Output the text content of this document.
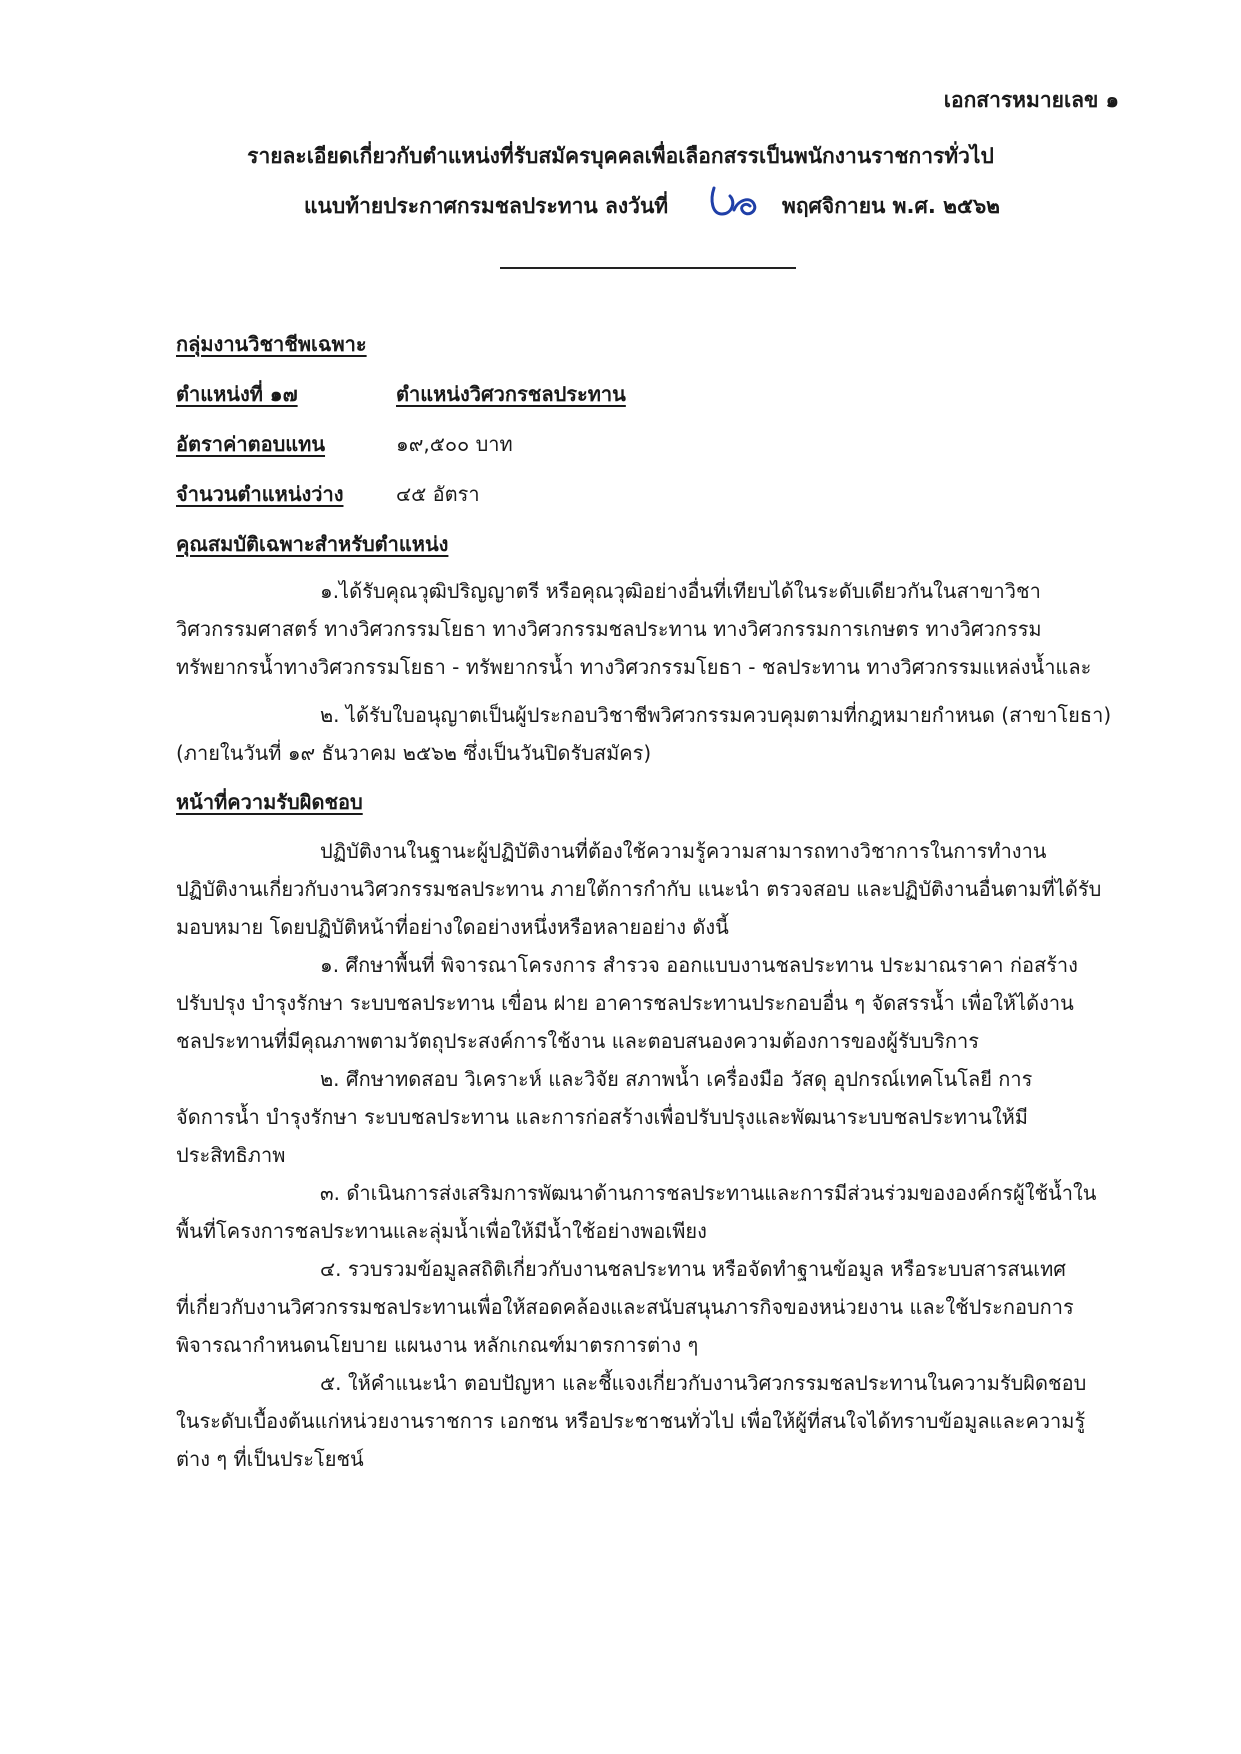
เอกสารหมายเลข ๑
รายละเอียดเกี่ยวกับตำแหน่งที่รับสมัครบุคคลเพื่อเลือกสรรเป็นพนักงานราชการทั่วไป
แนบท้ายประกาศกรมชลประทาน ลงวันที่	พฤศจิกายน พ.ศ. ๒๕๖๒
กลุ่มงานวิชาชีพเฉพาะ
ตำแหน่งที่ ๑๗	ตำแหน่งวิศวกรชลประทาน
อัตราค่าตอบแทน	๑๙,๕๐๐ บาท
จำนวนตำแหน่งว่าง	๔๕ อัตรา
คุณสมบัติเฉพาะสำหรับตำแหน่ง
๑.ได้รับคุณวุฒิปริญญาตรี หรือคุณวุฒิอย่างอื่นที่เทียบได้ในระดับเดียวกันในสาขาวิชา
วิศวกรรมศาสตร์ ทางวิศวกรรมโยธา ทางวิศวกรรมชลประทาน ทางวิศวกรรมการเกษตร ทางวิศวกรรม
ทรัพยากรน้ำทางวิศวกรรมโยธา - ทรัพยากรน้ำ ทางวิศวกรรมโยธา - ชลประทาน ทางวิศวกรรมแหล่งน้ำและ
๒. ได้รับใบอนุญาตเป็นผู้ประกอบวิชาชีพวิศวกรรมควบคุมตามที่กฎหมายกำหนด (สาขาโยธา)
(ภายในวันที่ ๑๙ ธันวาคม ๒๕๖๒ ซึ่งเป็นวันปิดรับสมัคร)
หน้าที่ความรับผิดชอบ
ปฏิบัติงานในฐานะผู้ปฏิบัติงานที่ต้องใช้ความรู้ความสามารถทางวิชาการในการทำงาน
ปฏิบัติงานเกี่ยวกับงานวิศวกรรมชลประทาน ภายใต้การกำกับ แนะนำ ตรวจสอบ และปฏิบัติงานอื่นตามที่ได้รับ
มอบหมาย โดยปฏิบัติหน้าที่อย่างใดอย่างหนึ่งหรือหลายอย่าง ดังนี้
๑. ศึกษาพื้นที่ พิจารณาโครงการ สำรวจ ออกแบบงานชลประทาน ประมาณราคา ก่อสร้าง
ปรับปรุง บำรุงรักษา ระบบชลประทาน เขื่อน ฝาย อาคารชลประทานประกอบอื่น ๆ จัดสรรน้ำ เพื่อให้ได้งาน
ชลประทานที่มีคุณภาพตามวัตถุประสงค์การใช้งาน และตอบสนองความต้องการของผู้รับบริการ
๒. ศึกษาทดสอบ วิเคราะห์ และวิจัย สภาพน้ำ เครื่องมือ วัสดุ อุปกรณ์เทคโนโลยี การ
จัดการน้ำ บำรุงรักษา ระบบชลประทาน และการก่อสร้างเพื่อปรับปรุงและพัฒนาระบบชลประทานให้มี
ประสิทธิภาพ
๓. ดำเนินการส่งเสริมการพัฒนาด้านการชลประทานและการมีส่วนร่วมขององค์กรผู้ใช้น้ำใน
พื้นที่โครงการชลประทานและลุ่มน้ำเพื่อให้มีน้ำใช้อย่างพอเพียง
๔. รวบรวมข้อมูลสถิติเกี่ยวกับงานชลประทาน หรือจัดทำฐานข้อมูล หรือระบบสารสนเทศ
ที่เกี่ยวกับงานวิศวกรรมชลประทานเพื่อให้สอดคล้องและสนับสนุนภารกิจของหน่วยงาน และใช้ประกอบการ
พิจารณากำหนดนโยบาย แผนงาน หลักเกณฑ์มาตรการต่าง ๆ
๕. ให้คำแนะนำ ตอบปัญหา และชี้แจงเกี่ยวกับงานวิศวกรรมชลประทานในความรับผิดชอบ
ในระดับเบื้องต้นแก่หน่วยงานราชการ เอกชน หรือประชาชนทั่วไป เพื่อให้ผู้ที่สนใจได้ทราบข้อมูลและความรู้
ต่าง ๆ ที่เป็นประโยชน์
